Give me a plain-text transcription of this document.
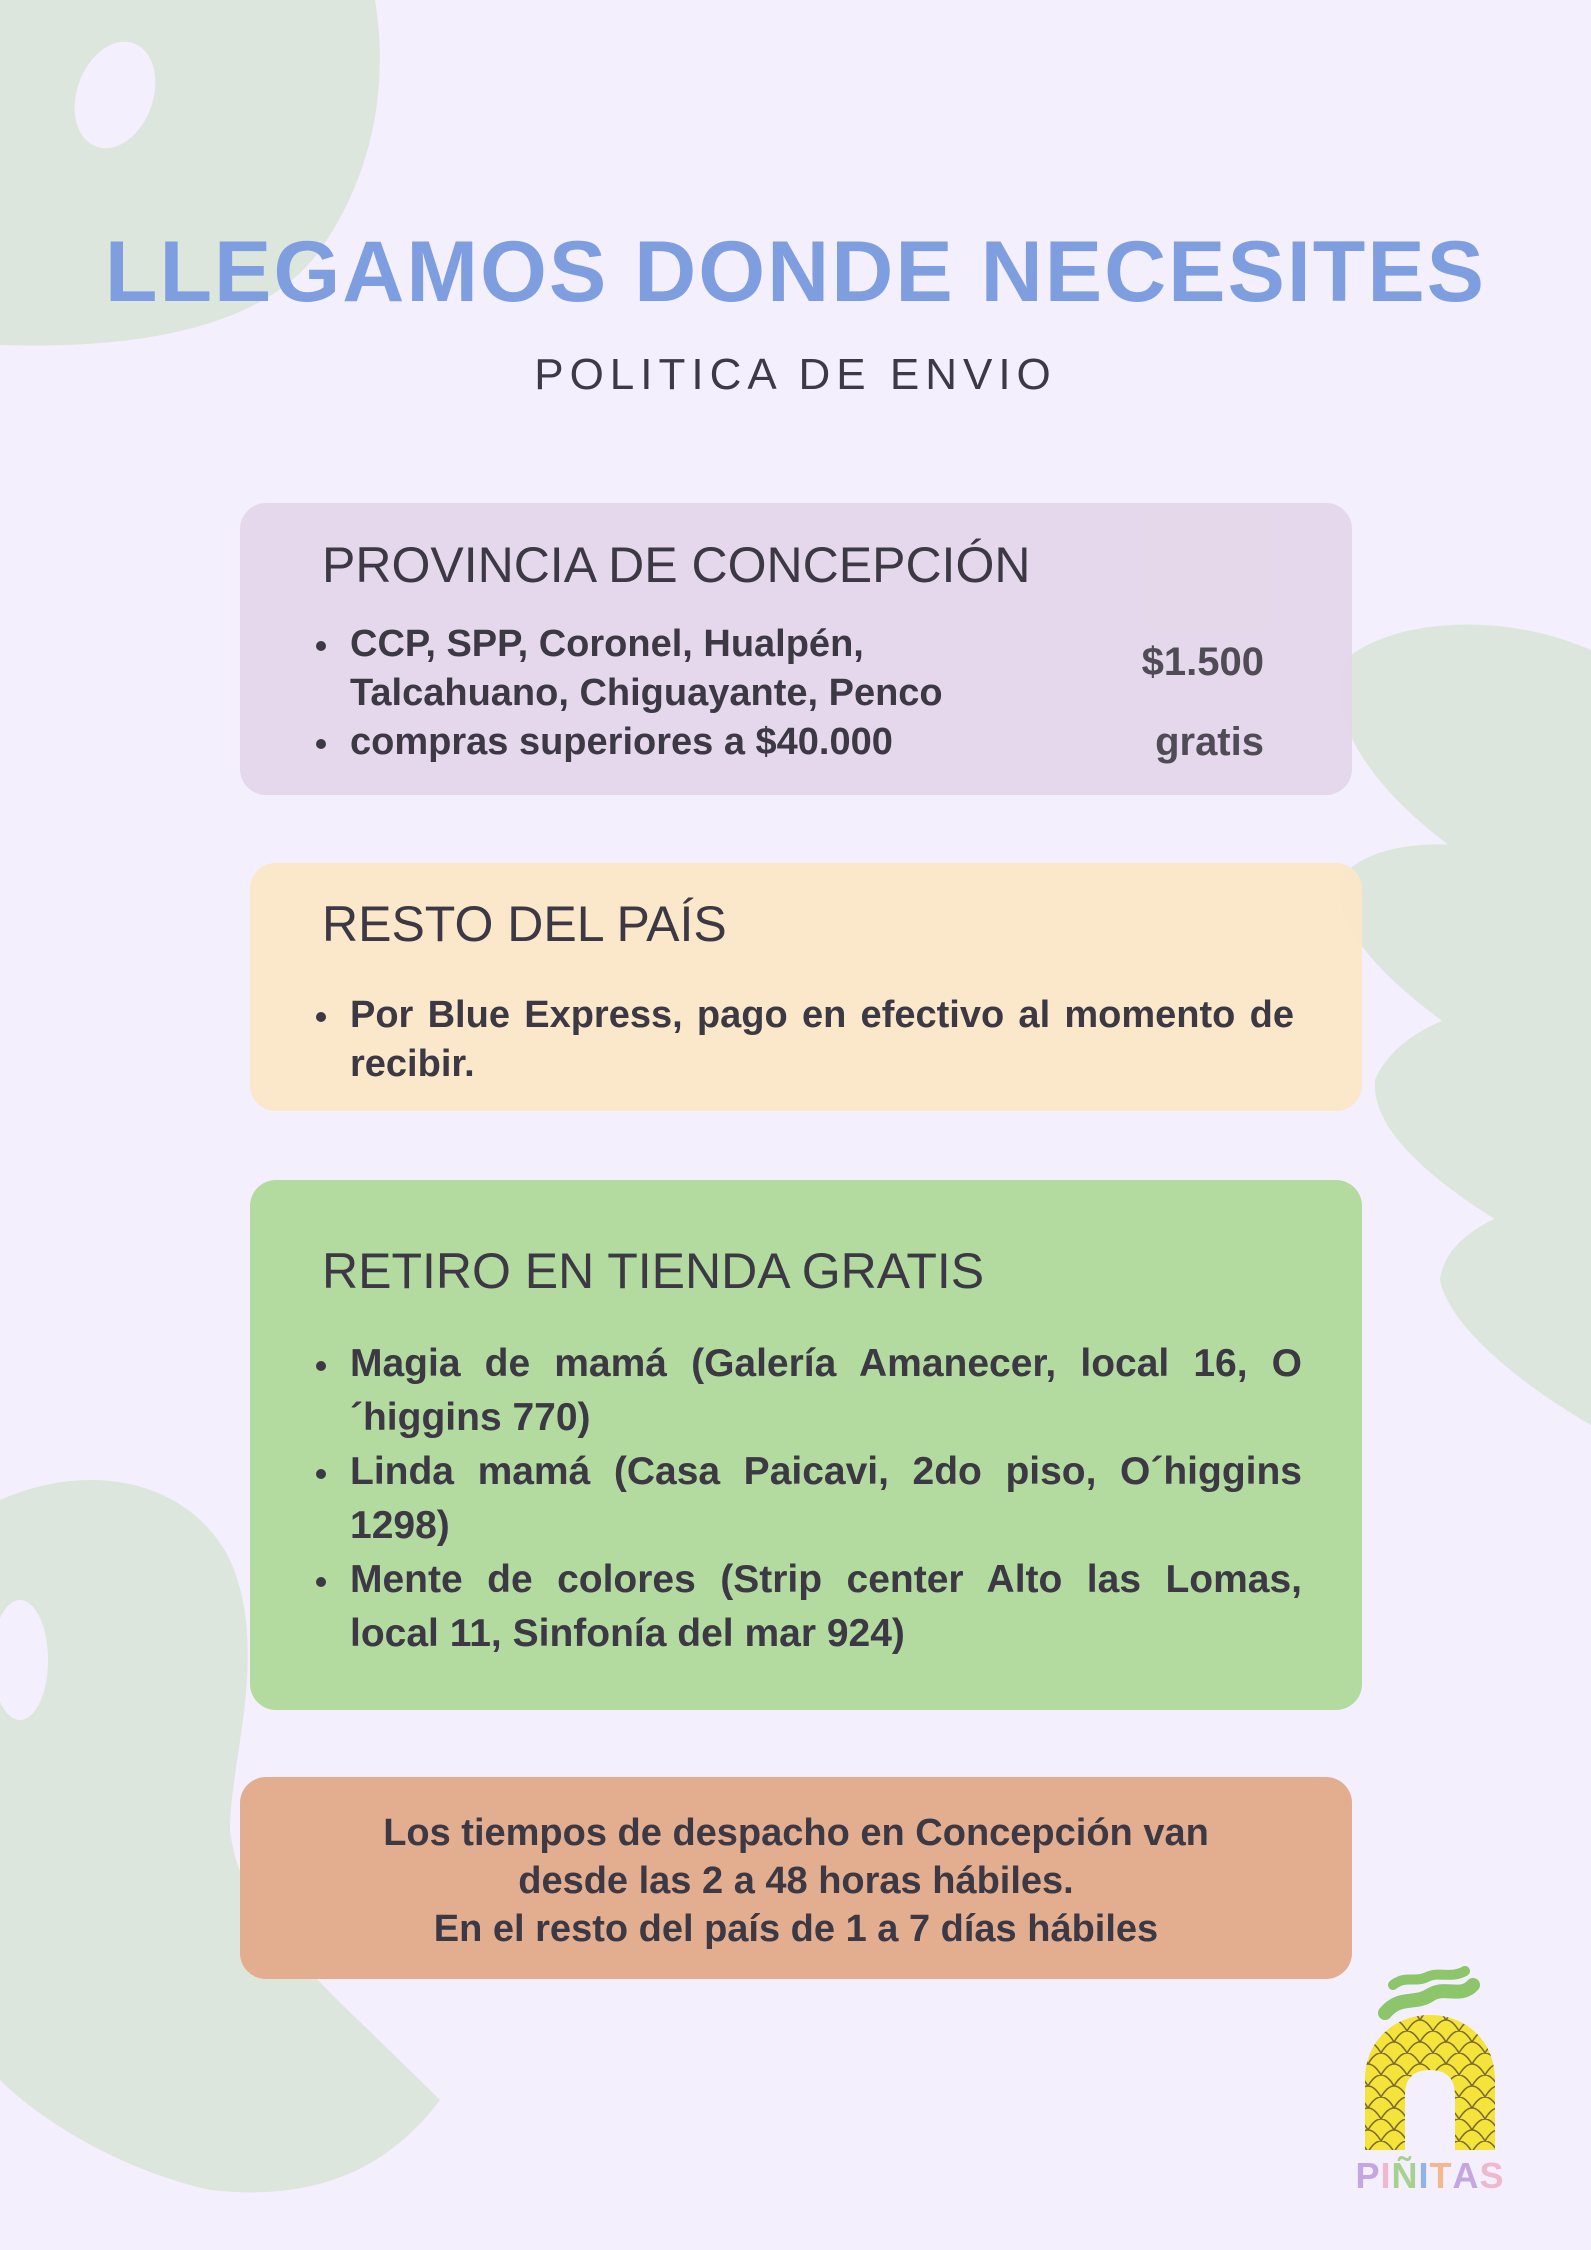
LLEGAMOS DONDE NECESITES

POLITICA DE ENVIO

PROVINCIA DE CONCEPCIÓN
CCP, SPP, Coronel, Hualpén, Talcahuano, Chiguayante, Penco
compras superiores a $40.000
$1.500
gratis
RESTO DEL PAÍS
Por Blue Express, pago en efectivo al momento de recibir.
RETIRO EN TIENDA GRATIS
Magia de mamá (Galería Amanecer, local 16, O´higgins 770)
Linda mamá (Casa Paicavi, 2do piso, O´higgins 1298)
Mente de colores (Strip center Alto las Lomas, local 11, Sinfonía del mar 924)
Los tiempos de despacho en Concepción van
desde las 2 a 48 horas hábiles.
En el resto del país de 1 a 7 días hábiles

PIÑITAS
